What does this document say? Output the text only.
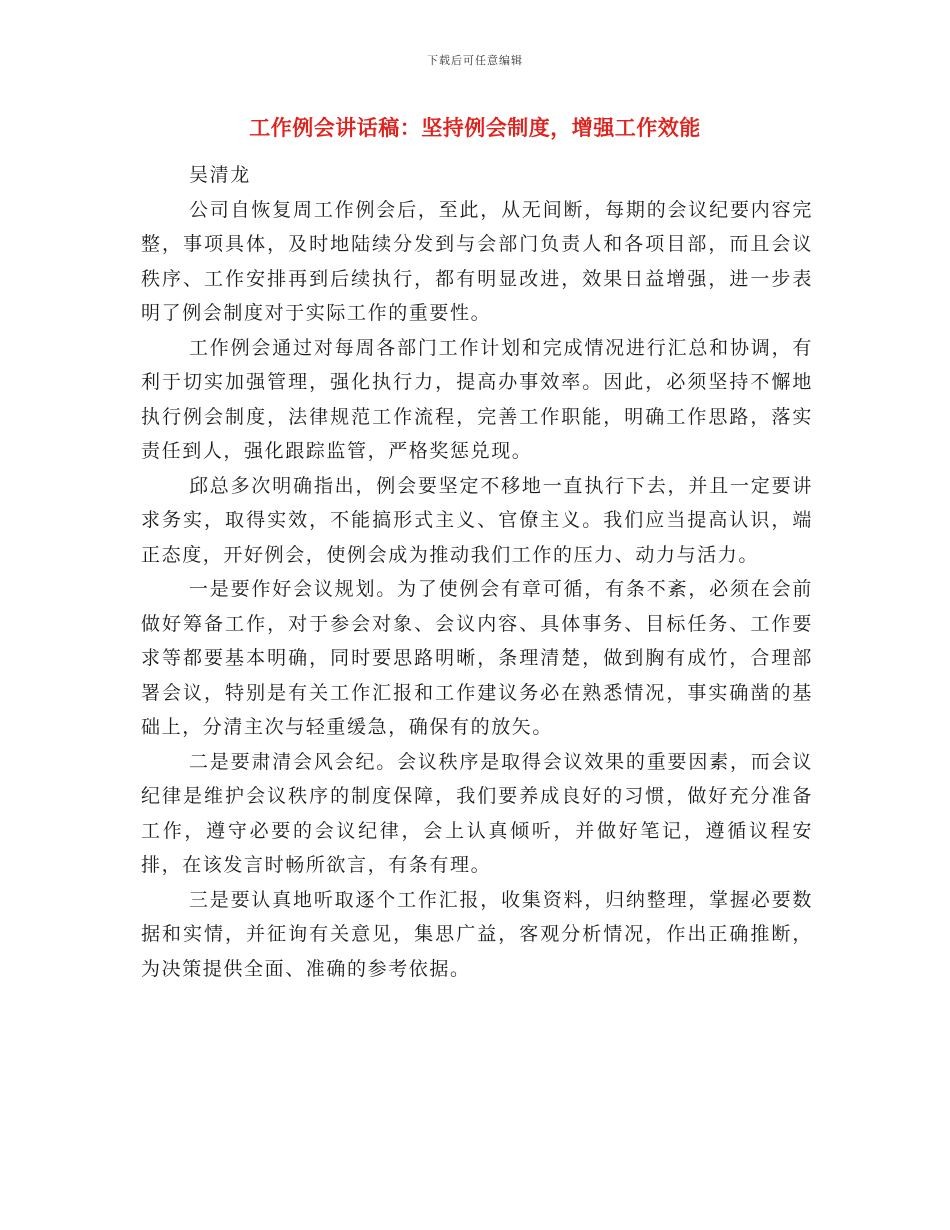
下载后可任意编辑
工作例会讲话稿：坚持例会制度，增强工作效能

吴清龙

公司自恢复周工作例会后，至此，从无间断，每期的会议纪要内容完整，事项具体，及时地陆续分发到与会部门负责人和各项目部，而且会议秩序、工作安排再到后续执行，都有明显改进，效果日益增强，进一步表明了例会制度对于实际工作的重要性。

工作例会通过对每周各部门工作计划和完成情况进行汇总和协调，有利于切实加强管理，强化执行力，提高办事效率。因此，必须坚持不懈地执行例会制度，法律规范工作流程，完善工作职能，明确工作思路，落实责任到人，强化跟踪监管，严格奖惩兑现。

邱总多次明确指出，例会要坚定不移地一直执行下去，并且一定要讲求务实，取得实效，不能搞形式主义、官僚主义。我们应当提高认识，端正态度，开好例会，使例会成为推动我们工作的压力、动力与活力。

一是要作好会议规划。为了使例会有章可循，有条不紊，必须在会前做好筹备工作，对于参会对象、会议内容、具体事务、目标任务、工作要求等都要基本明确，同时要思路明晰，条理清楚，做到胸有成竹，合理部署会议，特别是有关工作汇报和工作建议务必在熟悉情况，事实确凿的基础上，分清主次与轻重缓急，确保有的放矢。

二是要肃清会风会纪。会议秩序是取得会议效果的重要因素，而会议纪律是维护会议秩序的制度保障，我们要养成良好的习惯，做好充分准备工作，遵守必要的会议纪律，会上认真倾听，并做好笔记，遵循议程安排，在该发言时畅所欲言，有条有理。

三是要认真地听取逐个工作汇报，收集资料，归纳整理，掌握必要数据和实情，并征询有关意见，集思广益，客观分析情况，作出正确推断，为决策提供全面、准确的参考依据。
